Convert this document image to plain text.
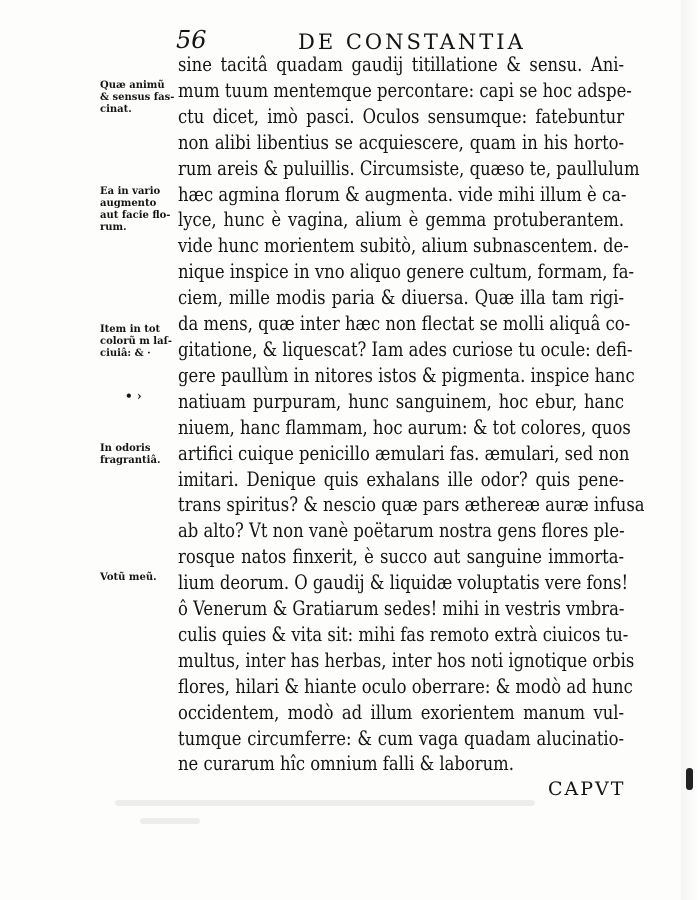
56	DE CONSTANTIA
Quæ animũ
& sensus fas-
cinat.
Ea in vario
augmento
aut facie flo-
rum.
Item in tot
colorũ m laſ-
ciuiâ: & ·
• ›
In odoris
fragrantiâ.
Votũ meũ.
sine tacitâ quadam gaudij titillatione & sensu. Ani-
mum tuum mentemque percontare: capi se hoc adspe-
ctu dicet, imò pasci. Oculos sensumque: fatebuntur
non alibi libentius se acquiescere, quam in his horto-
rum areis & puluillis. Circumsiste, quæso te, paullulum
hæc agmina florum & augmenta. vide mihi illum è ca-
lyce, hunc è vagina, alium è gemma protuberantem.
vide hunc morientem subitò, alium subnascentem. de-
nique inspice in vno aliquo genere cultum, formam, fa-
ciem, mille modis paria & diuersa. Quæ illa tam rigi-
da mens, quæ inter hæc non flectat se molli aliquâ co-
gitatione, & liquescat? Iam ades curiose tu ocule: defi-
gere paullùm in nitores istos & pigmenta. inspice hanc
natiuam purpuram, hunc sanguinem, hoc ebur, hanc
niuem, hanc flammam, hoc aurum: & tot colores, quos
artifici cuique penicillo æmulari fas. æmulari, sed non
imitari. Denique quis exhalans ille odor? quis pene-
trans spiritus? & nescio quæ pars æthereæ auræ infusa
ab alto? Vt non vanè poëtarum nostra gens flores ple-
rosque natos finxerit, è succo aut sanguine immorta-
lium deorum. O gaudij & liquidæ voluptatis vere fons!
ô Venerum & Gratiarum sedes! mihi in vestris vmbra-
culis quies & vita sit: mihi fas remoto extrà ciuicos tu-
multus, inter has herbas, inter hos noti ignotique orbis
flores, hilari & hiante oculo oberrare: & modò ad hunc
occidentem, modò ad illum exorientem manum vul-
tumque circumferre: & cum vaga quadam alucinatio-
ne curarum hîc omnium falli & laborum.
CAPVT
